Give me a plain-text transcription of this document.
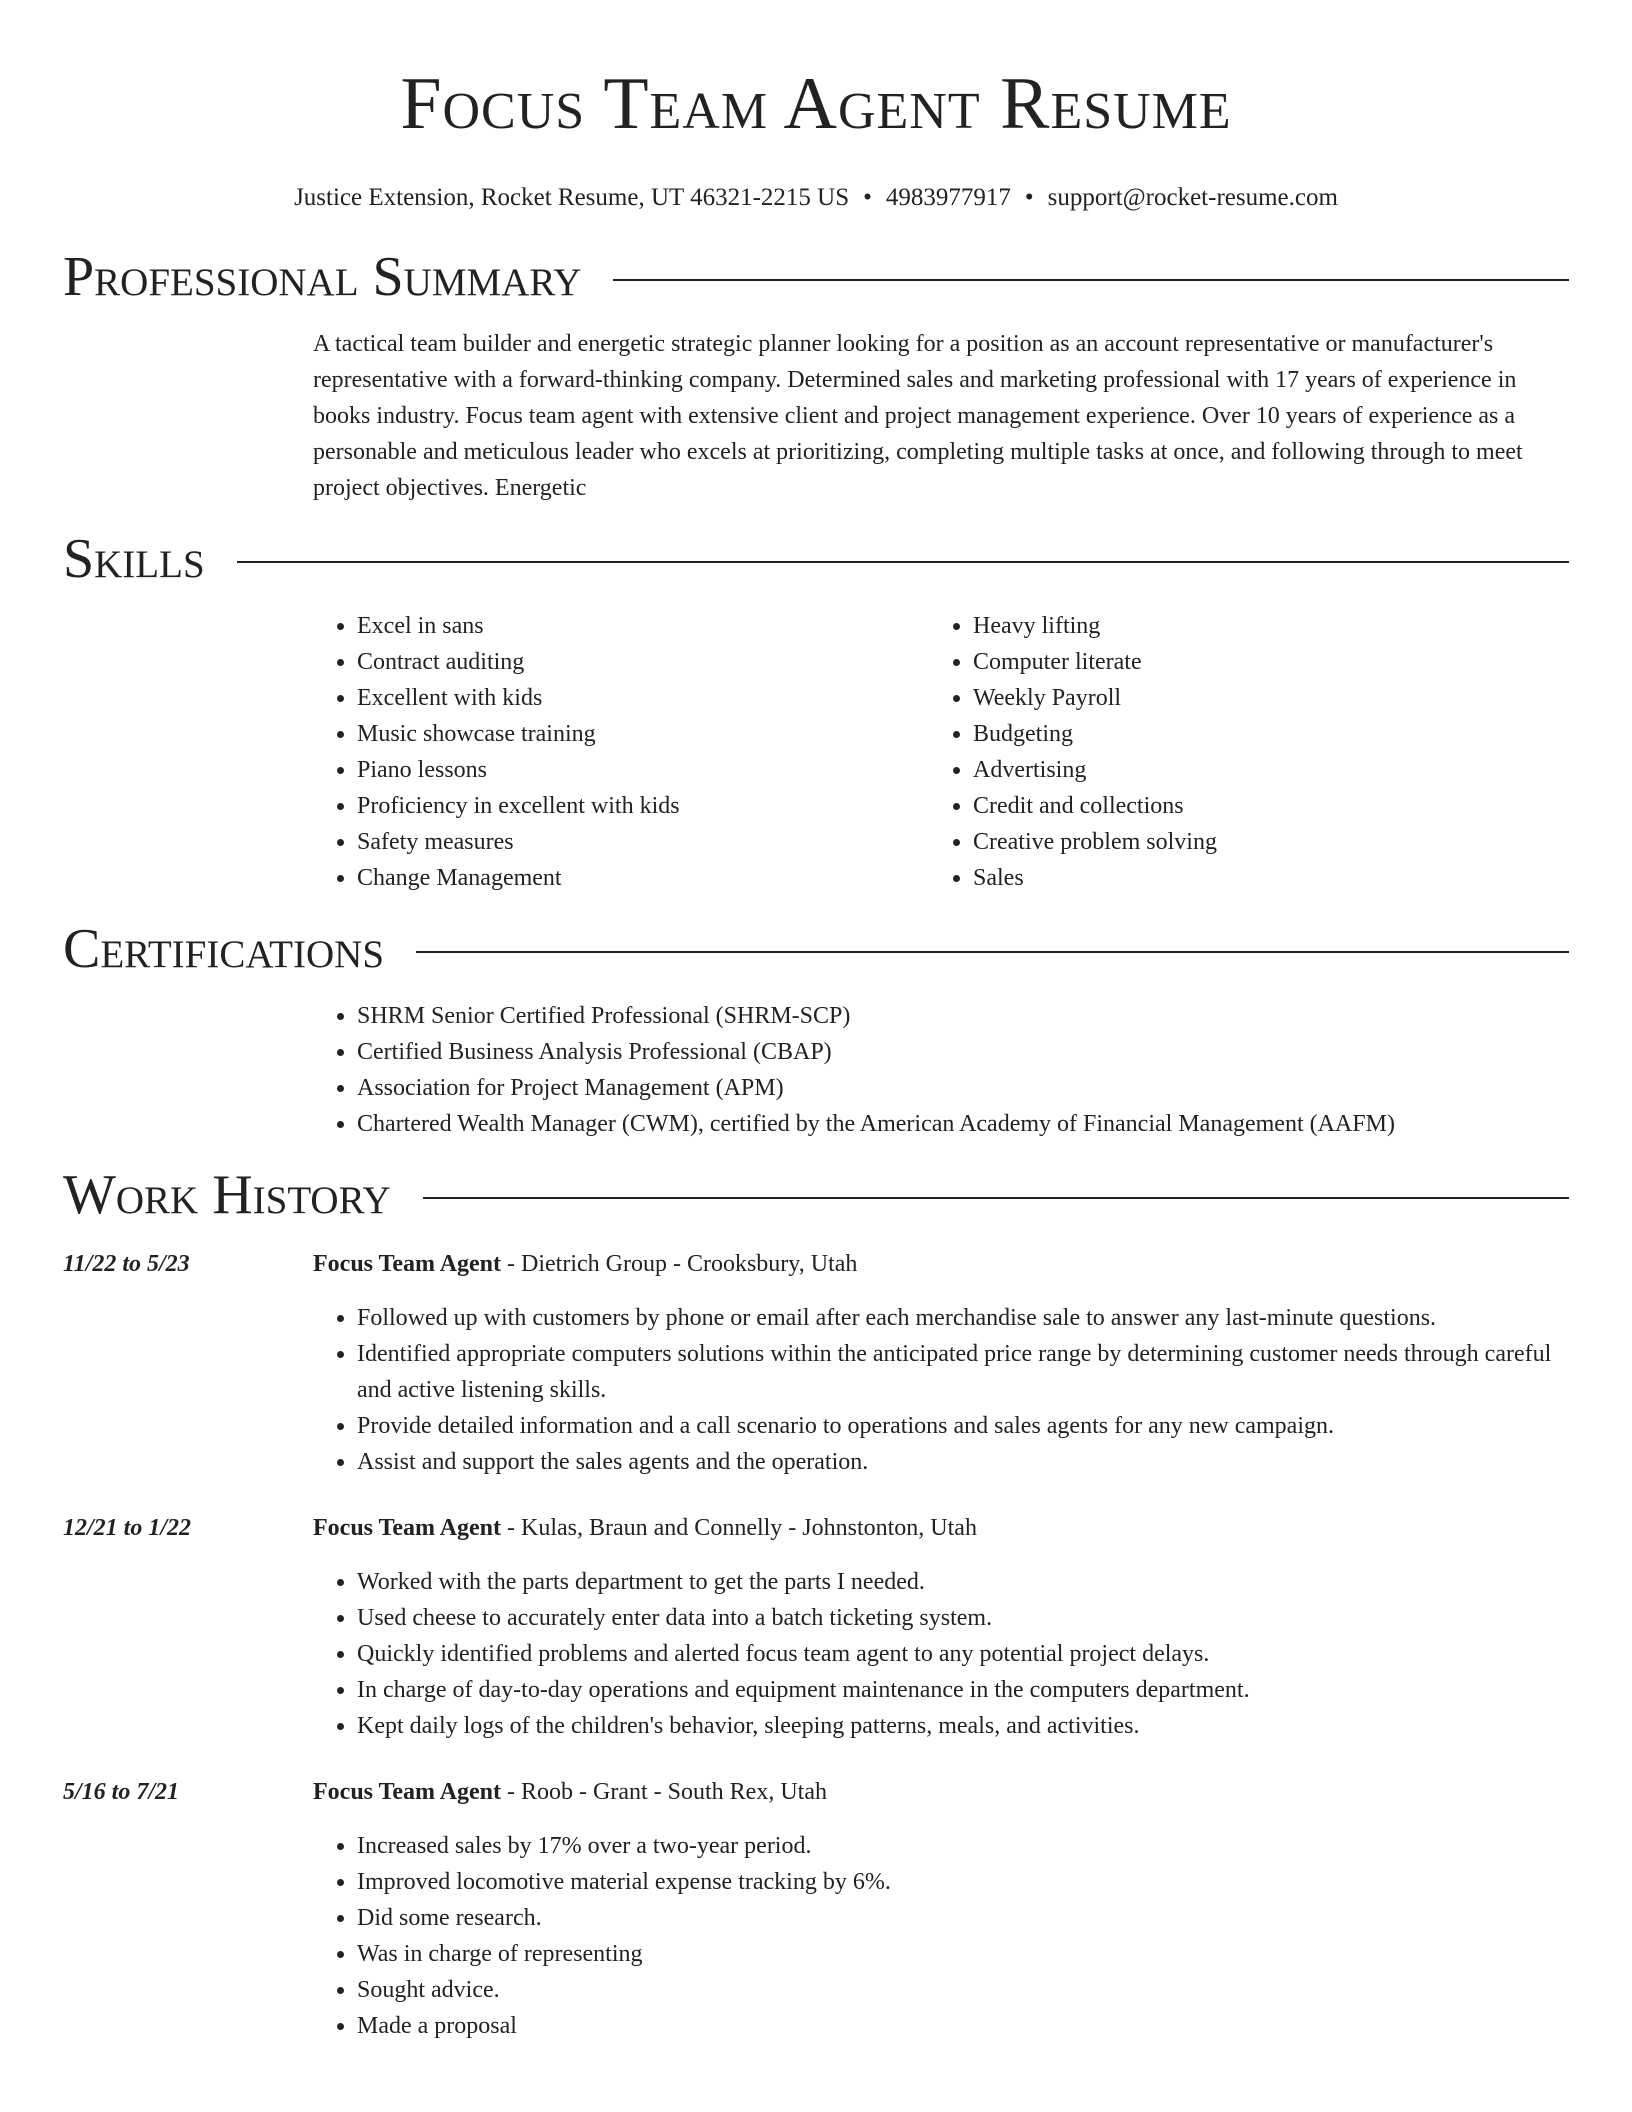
Focus Team Agent Resume
Justice Extension, Rocket Resume, UT 46321-2215 US • 4983977917 • support@rocket-resume.com
Professional Summary

A tactical team builder and energetic strategic planner looking for a position as an account representative or manufacturer's representative with a forward-thinking company. Determined sales and marketing professional with 17 years of experience in books industry. Focus team agent with extensive client and project management experience. Over 10 years of experience as a personable and meticulous leader who excels at prioritizing, completing multiple tasks at once, and following through to meet project objectives. Energetic

Skills
• Excel in sans
• Contract auditing
• Excellent with kids
• Music showcase training
• Piano lessons
• Proficiency in excellent with kids
• Safety measures
• Change Management
• Heavy lifting
• Computer literate
• Weekly Payroll
• Budgeting
• Advertising
• Credit and collections
• Creative problem solving
• Sales
Certifications
• SHRM Senior Certified Professional (SHRM-SCP)
• Certified Business Analysis Professional (CBAP)
• Association for Project Management (APM)
• Chartered Wealth Manager (CWM), certified by the American Academy of Financial Management (AAFM)
Work History
11/22 to 5/23	Focus Team Agent - Dietrich Group - Crooksbury, Utah

• Followed up with customers by phone or email after each merchandise sale to answer any last-minute questions.
• Identified appropriate computers solutions within the anticipated price range by determining customer needs through careful and active listening skills.
• Provide detailed information and a call scenario to operations and sales agents for any new campaign.
• Assist and support the sales agents and the operation.
12/21 to 1/22	Focus Team Agent - Kulas, Braun and Connelly - Johnstonton, Utah

• Worked with the parts department to get the parts I needed.
• Used cheese to accurately enter data into a batch ticketing system.
• Quickly identified problems and alerted focus team agent to any potential project delays.
• In charge of day-to-day operations and equipment maintenance in the computers department.
• Kept daily logs of the children's behavior, sleeping patterns, meals, and activities.
5/16 to 7/21	Focus Team Agent - Roob - Grant - South Rex, Utah

• Increased sales by 17% over a two-year period.
• Improved locomotive material expense tracking by 6%.
• Did some research.
• Was in charge of representing
• Sought advice.
• Made a proposal
